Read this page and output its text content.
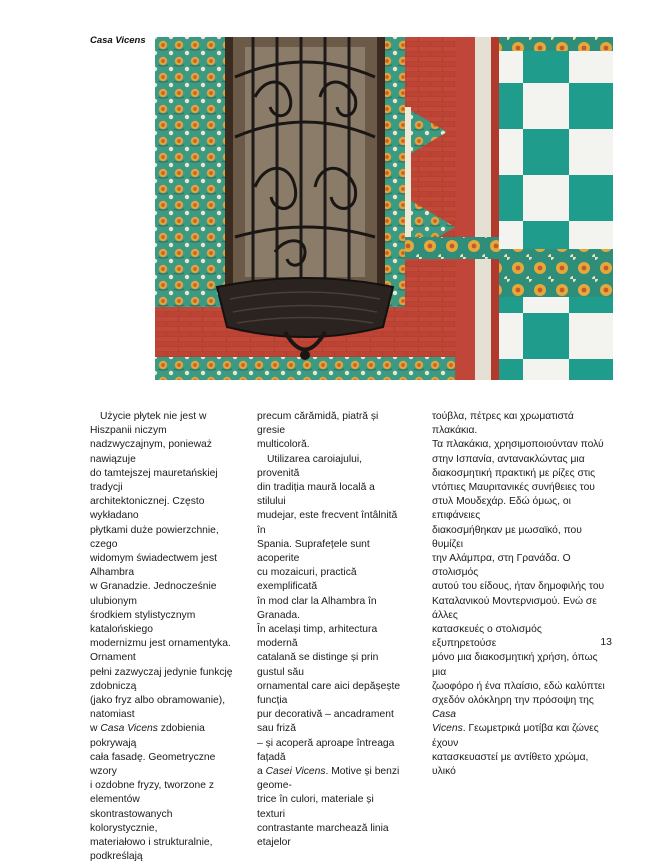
Casa Vicens

Użycie płytek nie jest w Hiszpanii niczym
nadzwyczajnym, ponieważ nawiązuje
do tamtejszej mauretańskiej tradycji
architektonicznej. Często wykładano
płytkami duże powierzchnie, czego
widomym świadectwem jest Alhambra
w Granadzie. Jednocześnie ulubionym
środkiem stylistycznym katalońskiego
modernizmu jest ornamentyka. Ornament
pełni zazwyczaj jedynie funkcję zdobniczą
(jako fryz albo obramowanie), natomiast
w Casa Vicens zdobienia pokrywają
cała fasadę. Geometryczne wzory
i ozdobne fryzy, tworzone z elementów
skontrastowanych kolorystycznie,
materiałowo i strukturalnie, podkreślają

precum cărămidă, piatră și gresie
multicoloră.
Utilizarea caroiajului, provenită
din tradiția maură locală a stilului
mudejar, este frecvent întâlnită în
Spania. Suprafețele sunt acoperite
cu mozaicuri, practică exemplificată
în mod clar la Alhambra în Granada.
În același timp, arhitectura modernă
catalană se distinge și prin gustul său
ornamental care aici depășește funcția
pur decorativă – ancadrament sau friză
– și acoperă aproape întreaga fațadă
a Casei Vicens. Motive și benzi geome-
trice în culori, materiale și texturi
contrastante marchează linia etajelor

τούβλα, πέτρες και χρωματιστά πλακάκια.
Τα πλακάκια, χρησιμοποιούνταν πολύ
στην Ισπανία, αντανακλώντας μια
διακοσμητική πρακτική με ρίζες στις
ντόπιες Μαυριτανικές συνήθειες του
στυλ Μουδεχάρ. Εδώ όμως, οι επιφάνειες
διακοσμήθηκαν με μωσαϊκό, που θυμίζει
την Αλάμπρα, στη Γρανάδα. Ο στολισμός
αυτού του είδους, ήταν δημοφιλής του
Καταλανικού Μοντερνισμού. Ενώ σε άλλες
κατασκευές ο στολισμός εξυπηρετούσε
μόνο μια διακοσμητική χρήση, όπως μια
ζωοφόρο ή ένα πλαίσιο, εδώ καλύπτει
σχεδόν ολόκληρη την πρόσοψη της Casa
Vicens. Γεωμετρικά μοτίβα και ζώνες έχουν
κατασκευαστεί με αντίθετο χρώμα, υλικό

13
